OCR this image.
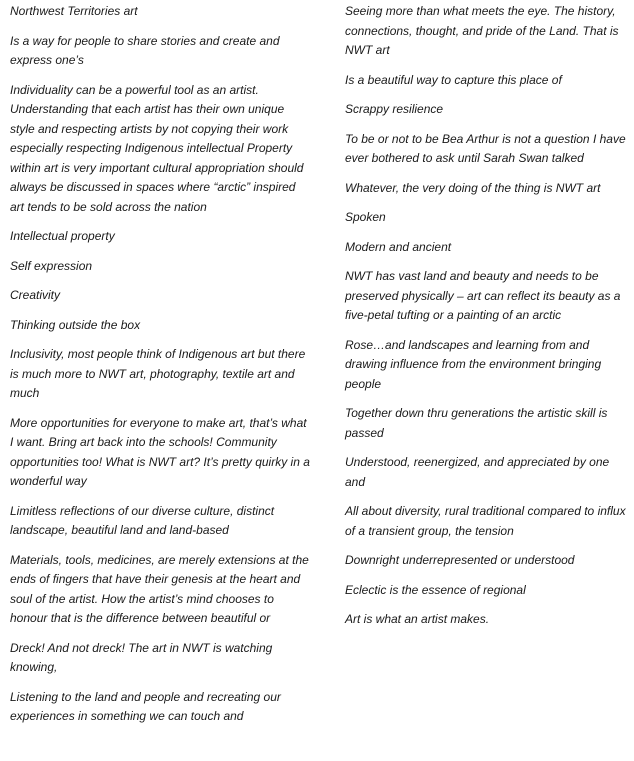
Northwest Territories art
Is a way for people to share stories and create and express one’s
Individuality can be a powerful tool as an artist. Understanding that each artist has their own unique style and respecting artists by not copying their work especially respecting Indigenous intellectual Property within art is very important cultural appropriation should always be discussed in spaces where “arctic” inspired art tends to be sold across the nation
Intellectual property
Self expression
Creativity
Thinking outside the box
Inclusivity, most people think of Indigenous art but there is much more to NWT art, photography, textile art and much
More opportunities for everyone to make art, that’s what I want. Bring art back into the schools! Community opportunities too! What is NWT art? It’s pretty quirky in a wonderful way
Limitless reflections of our diverse culture, distinct landscape, beautiful land and land-based
Materials, tools, medicines, are merely extensions at the ends of fingers that have their genesis at the heart and soul of the artist. How the artist’s mind chooses to honour that is the difference between beautiful or
Dreck! And not dreck! The art in NWT is watching knowing,
Listening to the land and people and recreating our experiences in something we can touch and
Seeing more than what meets the eye. The history, connections, thought, and pride of the Land. That is NWT art
Is a beautiful way to capture this place of
Scrappy resilience
To be or not to be Bea Arthur is not a question I have ever bothered to ask until Sarah Swan talked
Whatever, the very doing of the thing is NWT art
Spoken
Modern and ancient
NWT has vast land and beauty and needs to be preserved physically – art can reflect its beauty as a five-petal tufting or a painting of an arctic
Rose…and landscapes and learning from and drawing influence from the environment bringing people
Together down thru generations the artistic skill is passed
Understood, reenergized, and appreciated by one and
All about diversity, rural traditional compared to influx of a transient group, the tension
Downright underrepresented or understood
Eclectic is the essence of regional
Art is what an artist makes.
